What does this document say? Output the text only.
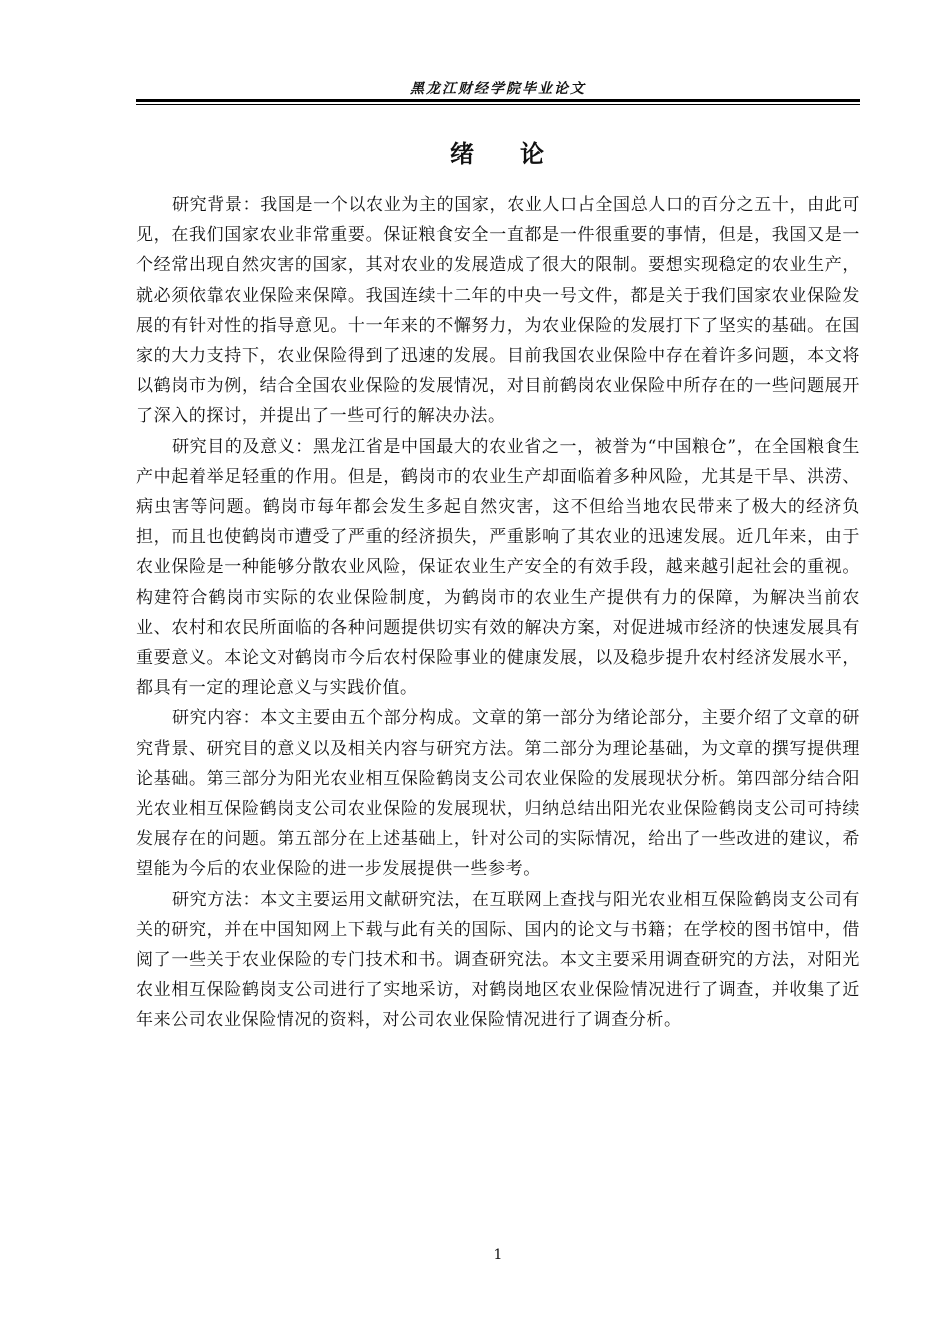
黑龙江财经学院毕业论文
绪 论

研究背景：我国是一个以农业为主的国家，农业人口占全国总人口的百分之五十，由此可见，在我们国家农业非常重要。保证粮食安全一直都是一件很重要的事情，但是，我国又是一个经常出现自然灾害的国家，其对农业的发展造成了很大的限制。要想实现稳定的农业生产，就必须依靠农业保险来保障。我国连续十二年的中央一号文件，都是关于我们国家农业保险发展的有针对性的指导意见。十一年来的不懈努力，为农业保险的发展打下了坚实的基础。在国家的大力支持下，农业保险得到了迅速的发展。目前我国农业保险中存在着许多问题，本文将以鹤岗市为例，结合全国农业保险的发展情况，对目前鹤岗农业保险中所存在的一些问题展开了深入的探讨，并提出了一些可行的解决办法。

研究目的及意义：黑龙江省是中国最大的农业省之一，被誉为“中国粮仓”，在全国粮食生产中起着举足轻重的作用。但是，鹤岗市的农业生产却面临着多种风险，尤其是干旱、洪涝、病虫害等问题。鹤岗市每年都会发生多起自然灾害，这不但给当地农民带来了极大的经济负担，而且也使鹤岗市遭受了严重的经济损失，严重影响了其农业的迅速发展。近几年来，由于农业保险是一种能够分散农业风险，保证农业生产安全的有效手段，越来越引起社会的重视。构建符合鹤岗市实际的农业保险制度，为鹤岗市的农业生产提供有力的保障，为解决当前农业、农村和农民所面临的各种问题提供切实有效的解决方案，对促进城市经济的快速发展具有重要意义。本论文对鹤岗市今后农村保险事业的健康发展，以及稳步提升农村经济发展水平，都具有一定的理论意义与实践价值。

研究内容：本文主要由五个部分构成。文章的第一部分为绪论部分，主要介绍了文章的研究背景、研究目的意义以及相关内容与研究方法。第二部分为理论基础，为文章的撰写提供理论基础。第三部分为阳光农业相互保险鹤岗支公司农业保险的发展现状分析。第四部分结合阳光农业相互保险鹤岗支公司农业保险的发展现状，归纳总结出阳光农业保险鹤岗支公司可持续发展存在的问题。第五部分在上述基础上，针对公司的实际情况，给出了一些改进的建议，希望能为今后的农业保险的进一步发展提供一些参考。

研究方法：本文主要运用文献研究法，在互联网上查找与阳光农业相互保险鹤岗支公司有关的研究，并在中国知网上下载与此有关的国际、国内的论文与书籍；在学校的图书馆中，借阅了一些关于农业保险的专门技术和书。调查研究法。本文主要采用调查研究的方法，对阳光农业相互保险鹤岗支公司进行了实地采访，对鹤岗地区农业保险情况进行了调查，并收集了近年来公司农业保险情况的资料，对公司农业保险情况进行了调查分析。

1
